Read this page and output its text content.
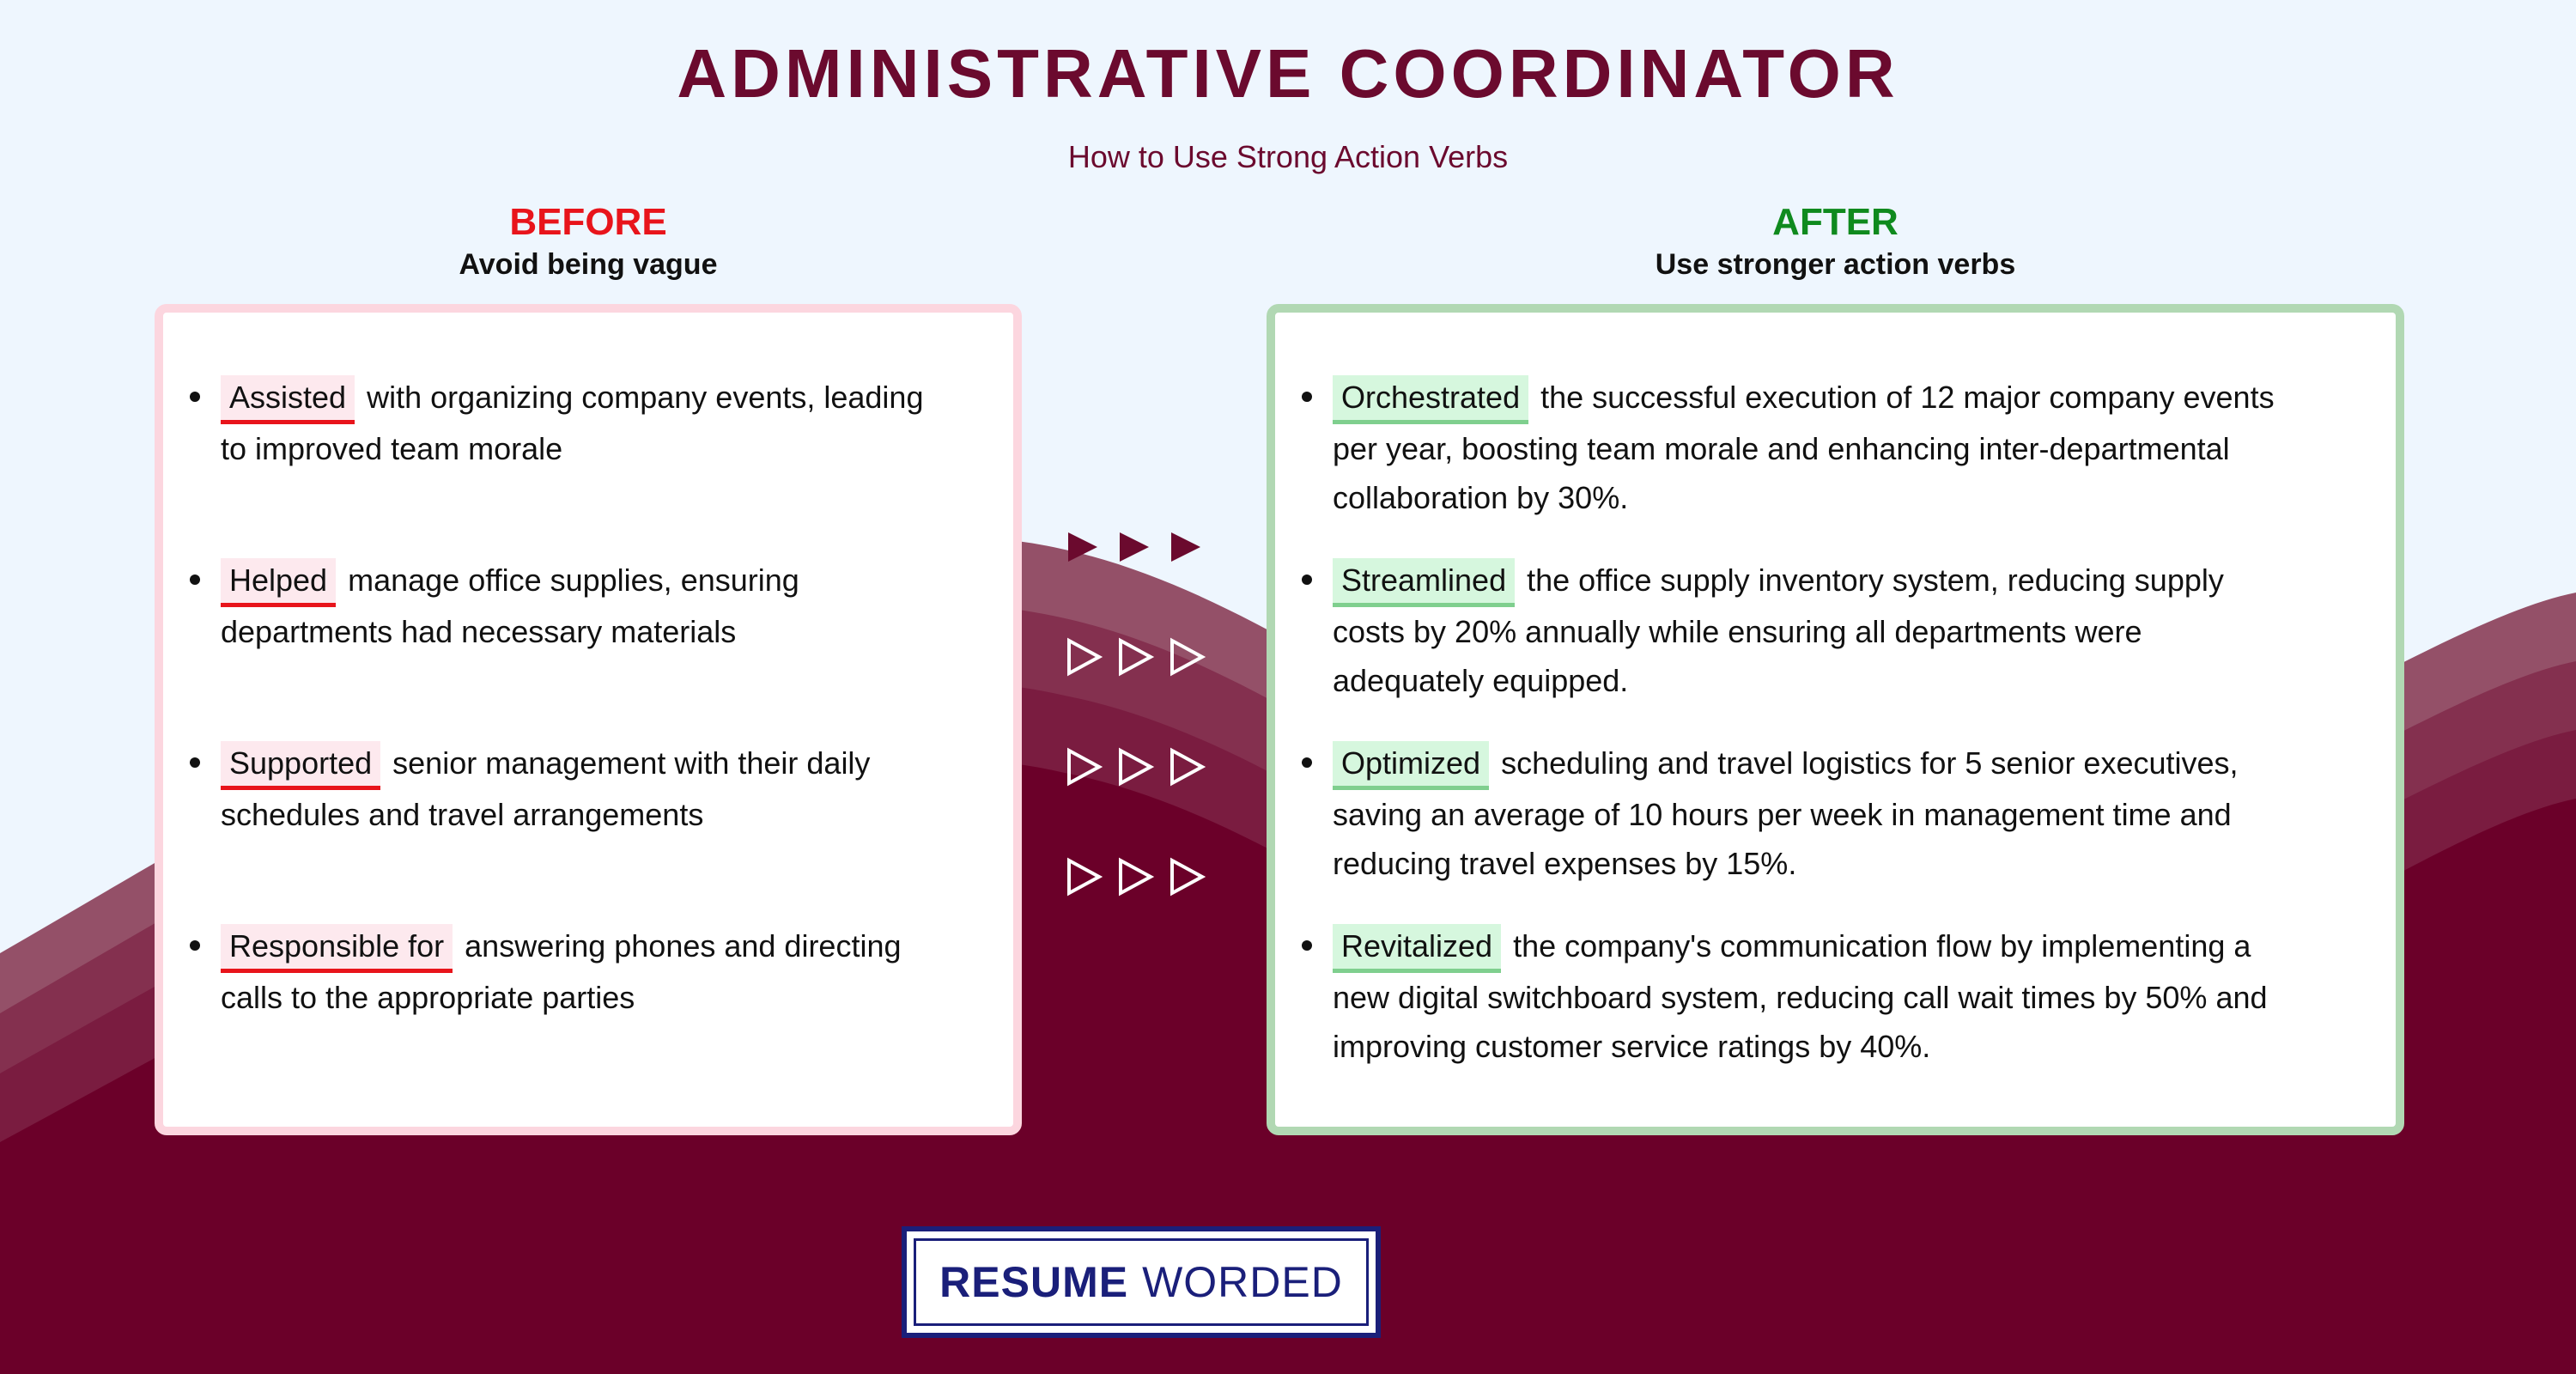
ADMINISTRATIVE COORDINATOR
How to Use Strong Action Verbs
BEFORE
Avoid being vague
AFTER
Use stronger action verbs
Assisted with organizing company events, leading
to improved team morale
Helped manage office supplies, ensuring
departments had necessary materials
Supported senior management with their daily
schedules and travel arrangements
Responsible for answering phones and directing
calls to the appropriate parties
Orchestrated the successful execution of 12 major company events
per year, boosting team morale and enhancing inter-departmental
collaboration by 30%.
Streamlined the office supply inventory system, reducing supply
costs by 20% annually while ensuring all departments were
adequately equipped.
Optimized scheduling and travel logistics for 5 senior executives,
saving an average of 10 hours per week in management time and
reducing travel expenses by 15%.
Revitalized the company's communication flow by implementing a
new digital switchboard system, reducing call wait times by 50% and
improving customer service ratings by 40%.
RESUME WORDED
